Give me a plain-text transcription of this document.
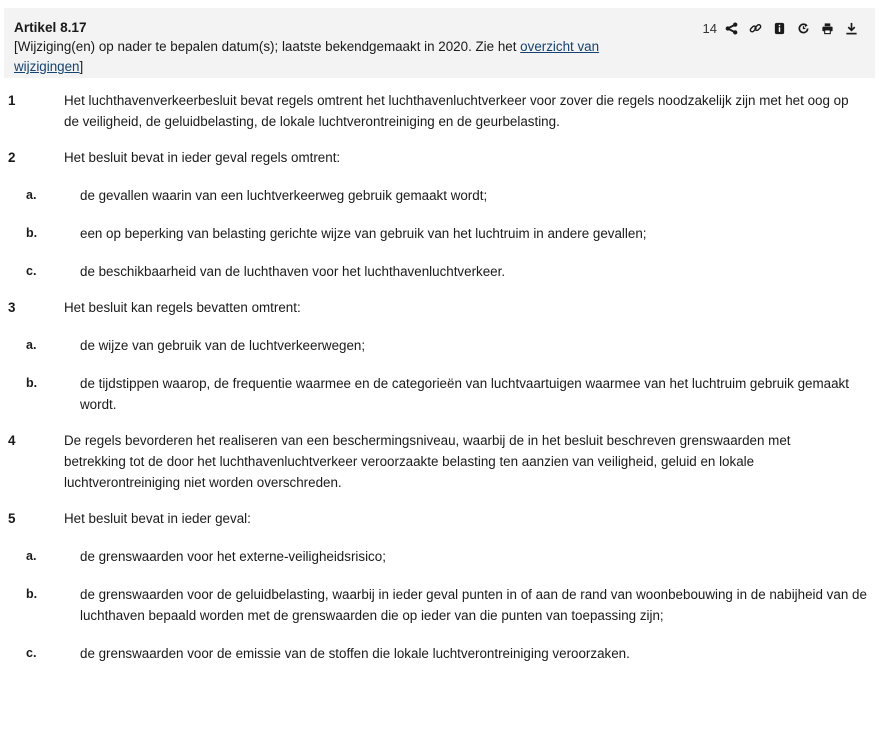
Artikel 8.17
[Wijziging(en) op nader te bepalen datum(s); laatste bekendgemaakt in 2020. Zie het overzicht van wijzigingen]
14
1	Het luchthavenverkeerbesluit bevat regels omtrent het luchthavenluchtverkeer voor zover die regels noodzakelijk zijn met het oog op de veiligheid, de geluidbelasting, de lokale luchtverontreiniging en de geurbelasting.
2	Het besluit bevat in ieder geval regels omtrent:
a.	de gevallen waarin van een luchtverkeerweg gebruik gemaakt wordt;
b.	een op beperking van belasting gerichte wijze van gebruik van het luchtruim in andere gevallen;
c.	de beschikbaarheid van de luchthaven voor het luchthavenluchtverkeer.
3	Het besluit kan regels bevatten omtrent:
a.	de wijze van gebruik van de luchtverkeerwegen;
b.	de tijdstippen waarop, de frequentie waarmee en de categorieën van luchtvaartuigen waarmee van het luchtruim gebruik gemaakt wordt.
4	De regels bevorderen het realiseren van een beschermingsniveau, waarbij de in het besluit beschreven grenswaarden met betrekking tot de door het luchthavenluchtverkeer veroorzaakte belasting ten aanzien van veiligheid, geluid en lokale luchtverontreiniging niet worden overschreden.
5	Het besluit bevat in ieder geval:
a.	de grenswaarden voor het externe-veiligheidsrisico;
b.	de grenswaarden voor de geluidbelasting, waarbij in ieder geval punten in of aan de rand van woonbebouwing in de nabijheid van de luchthaven bepaald worden met de grenswaarden die op ieder van die punten van toepassing zijn;
c.	de grenswaarden voor de emissie van de stoffen die lokale luchtverontreiniging veroorzaken.
